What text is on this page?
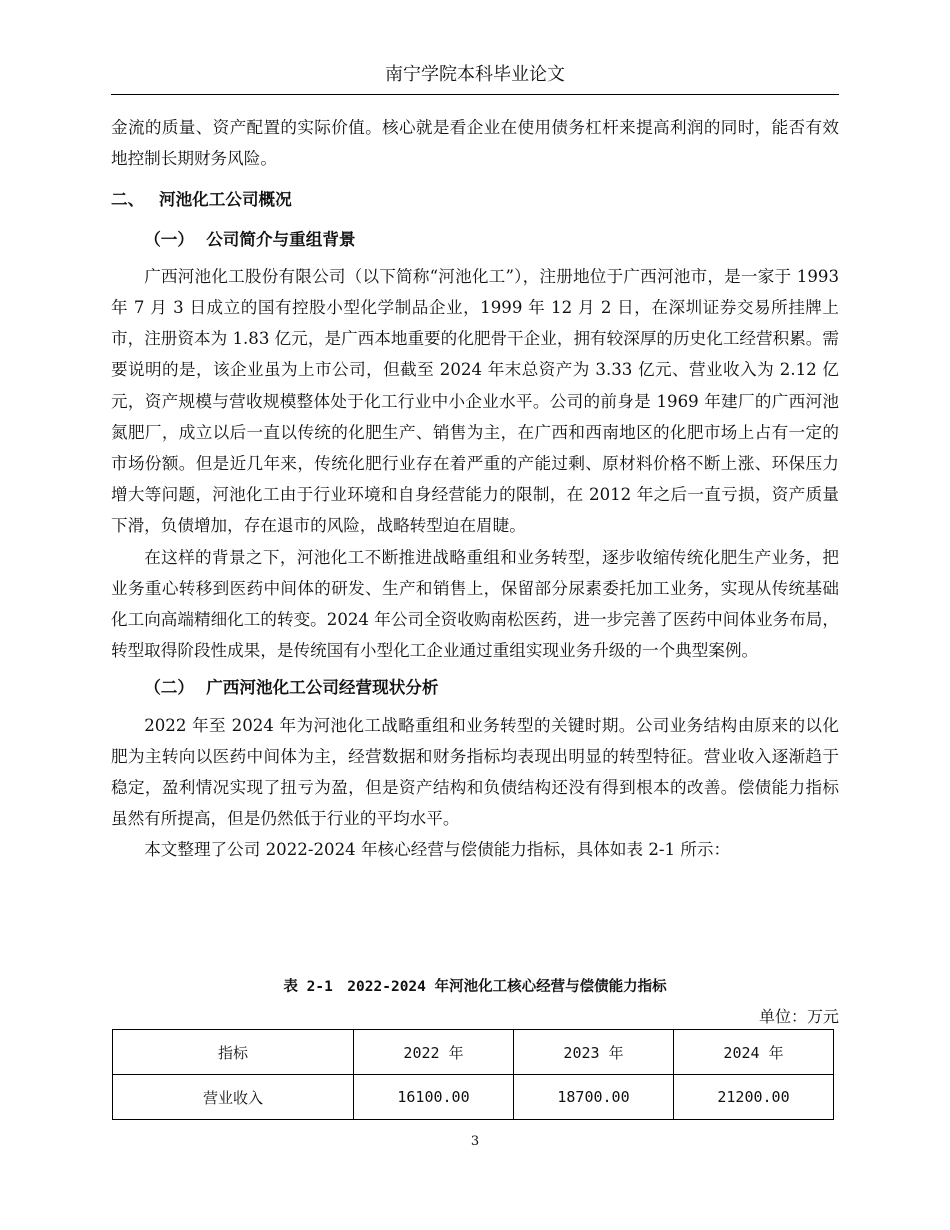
南宁学院本科毕业论文

金流的质量、资产配置的实际价值。核心就是看企业在使用债务杠杆来提高利润的同时，能否有效地控制长期财务风险。

二、 河池化工公司概况

（一） 公司简介与重组背景

广西河池化工股份有限公司（以下简称“河池化工”），注册地位于广西河池市，是一家于 1993 年 7 月 3 日成立的国有控股小型化学制品企业，1999 年 12 月 2 日，在深圳证券交易所挂牌上市，注册资本为 1.83 亿元，是广西本地重要的化肥骨干企业，拥有较深厚的历史化工经营积累。需要说明的是，该企业虽为上市公司，但截至 2024 年末总资产为 3.33 亿元、营业收入为 2.12 亿元，资产规模与营收规模整体处于化工行业中小企业水平。公司的前身是 1969 年建厂的广西河池氮肥厂，成立以后一直以传统的化肥生产、销售为主，在广西和西南地区的化肥市场上占有一定的市场份额。但是近几年来，传统化肥行业存在着严重的产能过剩、原材料价格不断上涨、环保压力增大等问题，河池化工由于行业环境和自身经营能力的限制，在 2012 年之后一直亏损，资产质量下滑，负债增加，存在退市的风险，战略转型迫在眉睫。

在这样的背景之下，河池化工不断推进战略重组和业务转型，逐步收缩传统化肥生产业务，把业务重心转移到医药中间体的研发、生产和销售上，保留部分尿素委托加工业务，实现从传统基础化工向高端精细化工的转变。2024 年公司全资收购南松医药，进一步完善了医药中间体业务布局，转型取得阶段性成果，是传统国有小型化工企业通过重组实现业务升级的一个典型案例。

（二） 广西河池化工公司经营现状分析

2022 年至 2024 年为河池化工战略重组和业务转型的关键时期。公司业务结构由原来的以化肥为主转向以医药中间体为主，经营数据和财务指标均表现出明显的转型特征。营业收入逐渐趋于稳定，盈利情况实现了扭亏为盈，但是资产结构和负债结构还没有得到根本的改善。偿债能力指标虽然有所提高，但是仍然低于行业的平均水平。

本文整理了公司 2022-2024 年核心经营与偿债能力指标，具体如表 2-1 所示：

表 2-1　2022-2024 年河池化工核心经营与偿债能力指标
单位：万元
指标	2022 年	2023 年	2024 年
营业收入	16100.00	18700.00	21200.00
3
